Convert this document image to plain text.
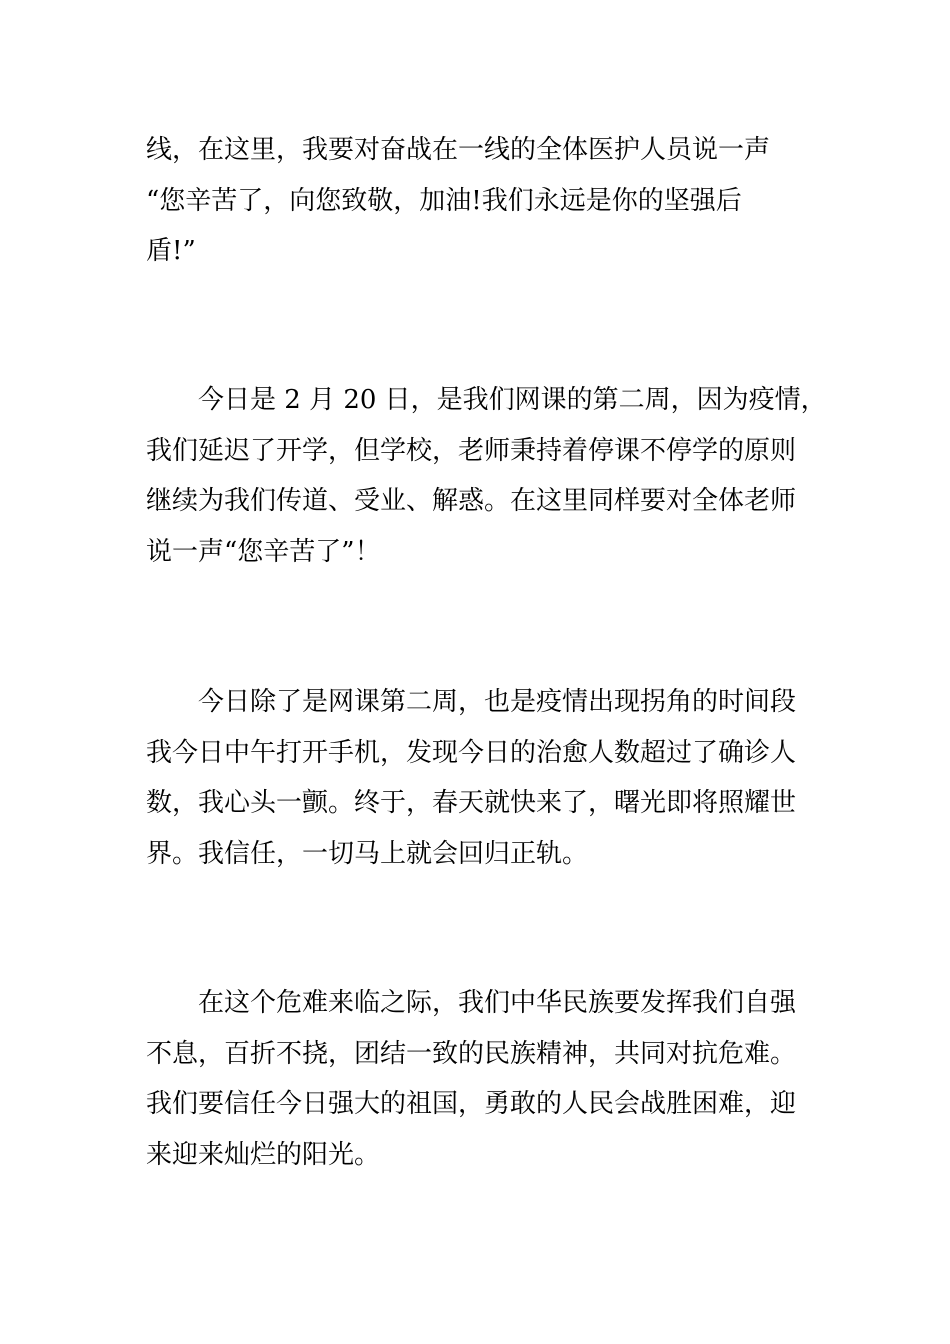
线，在这里，我要对奋战在一线的全体医护人员说一声
“您辛苦了，向您致敬，加油!我们永远是你的坚强后
盾!”
今日是 2 月 20 日，是我们网课的第二周，因为疫情，
我们延迟了开学，但学校，老师秉持着停课不停学的原则
继续为我们传道、受业、解惑。在这里同样要对全体老师
说一声“您辛苦了”！
今日除了是网课第二周，也是疫情出现拐角的时间段
我今日中午打开手机，发现今日的治愈人数超过了确诊人
数，我心头一颤。终于，春天就快来了，曙光即将照耀世
界。我信任，一切马上就会回归正轨。
在这个危难来临之际，我们中华民族要发挥我们自强
不息，百折不挠，团结一致的民族精神，共同对抗危难。
我们要信任今日强大的祖国，勇敢的人民会战胜困难，迎
来迎来灿烂的阳光。
